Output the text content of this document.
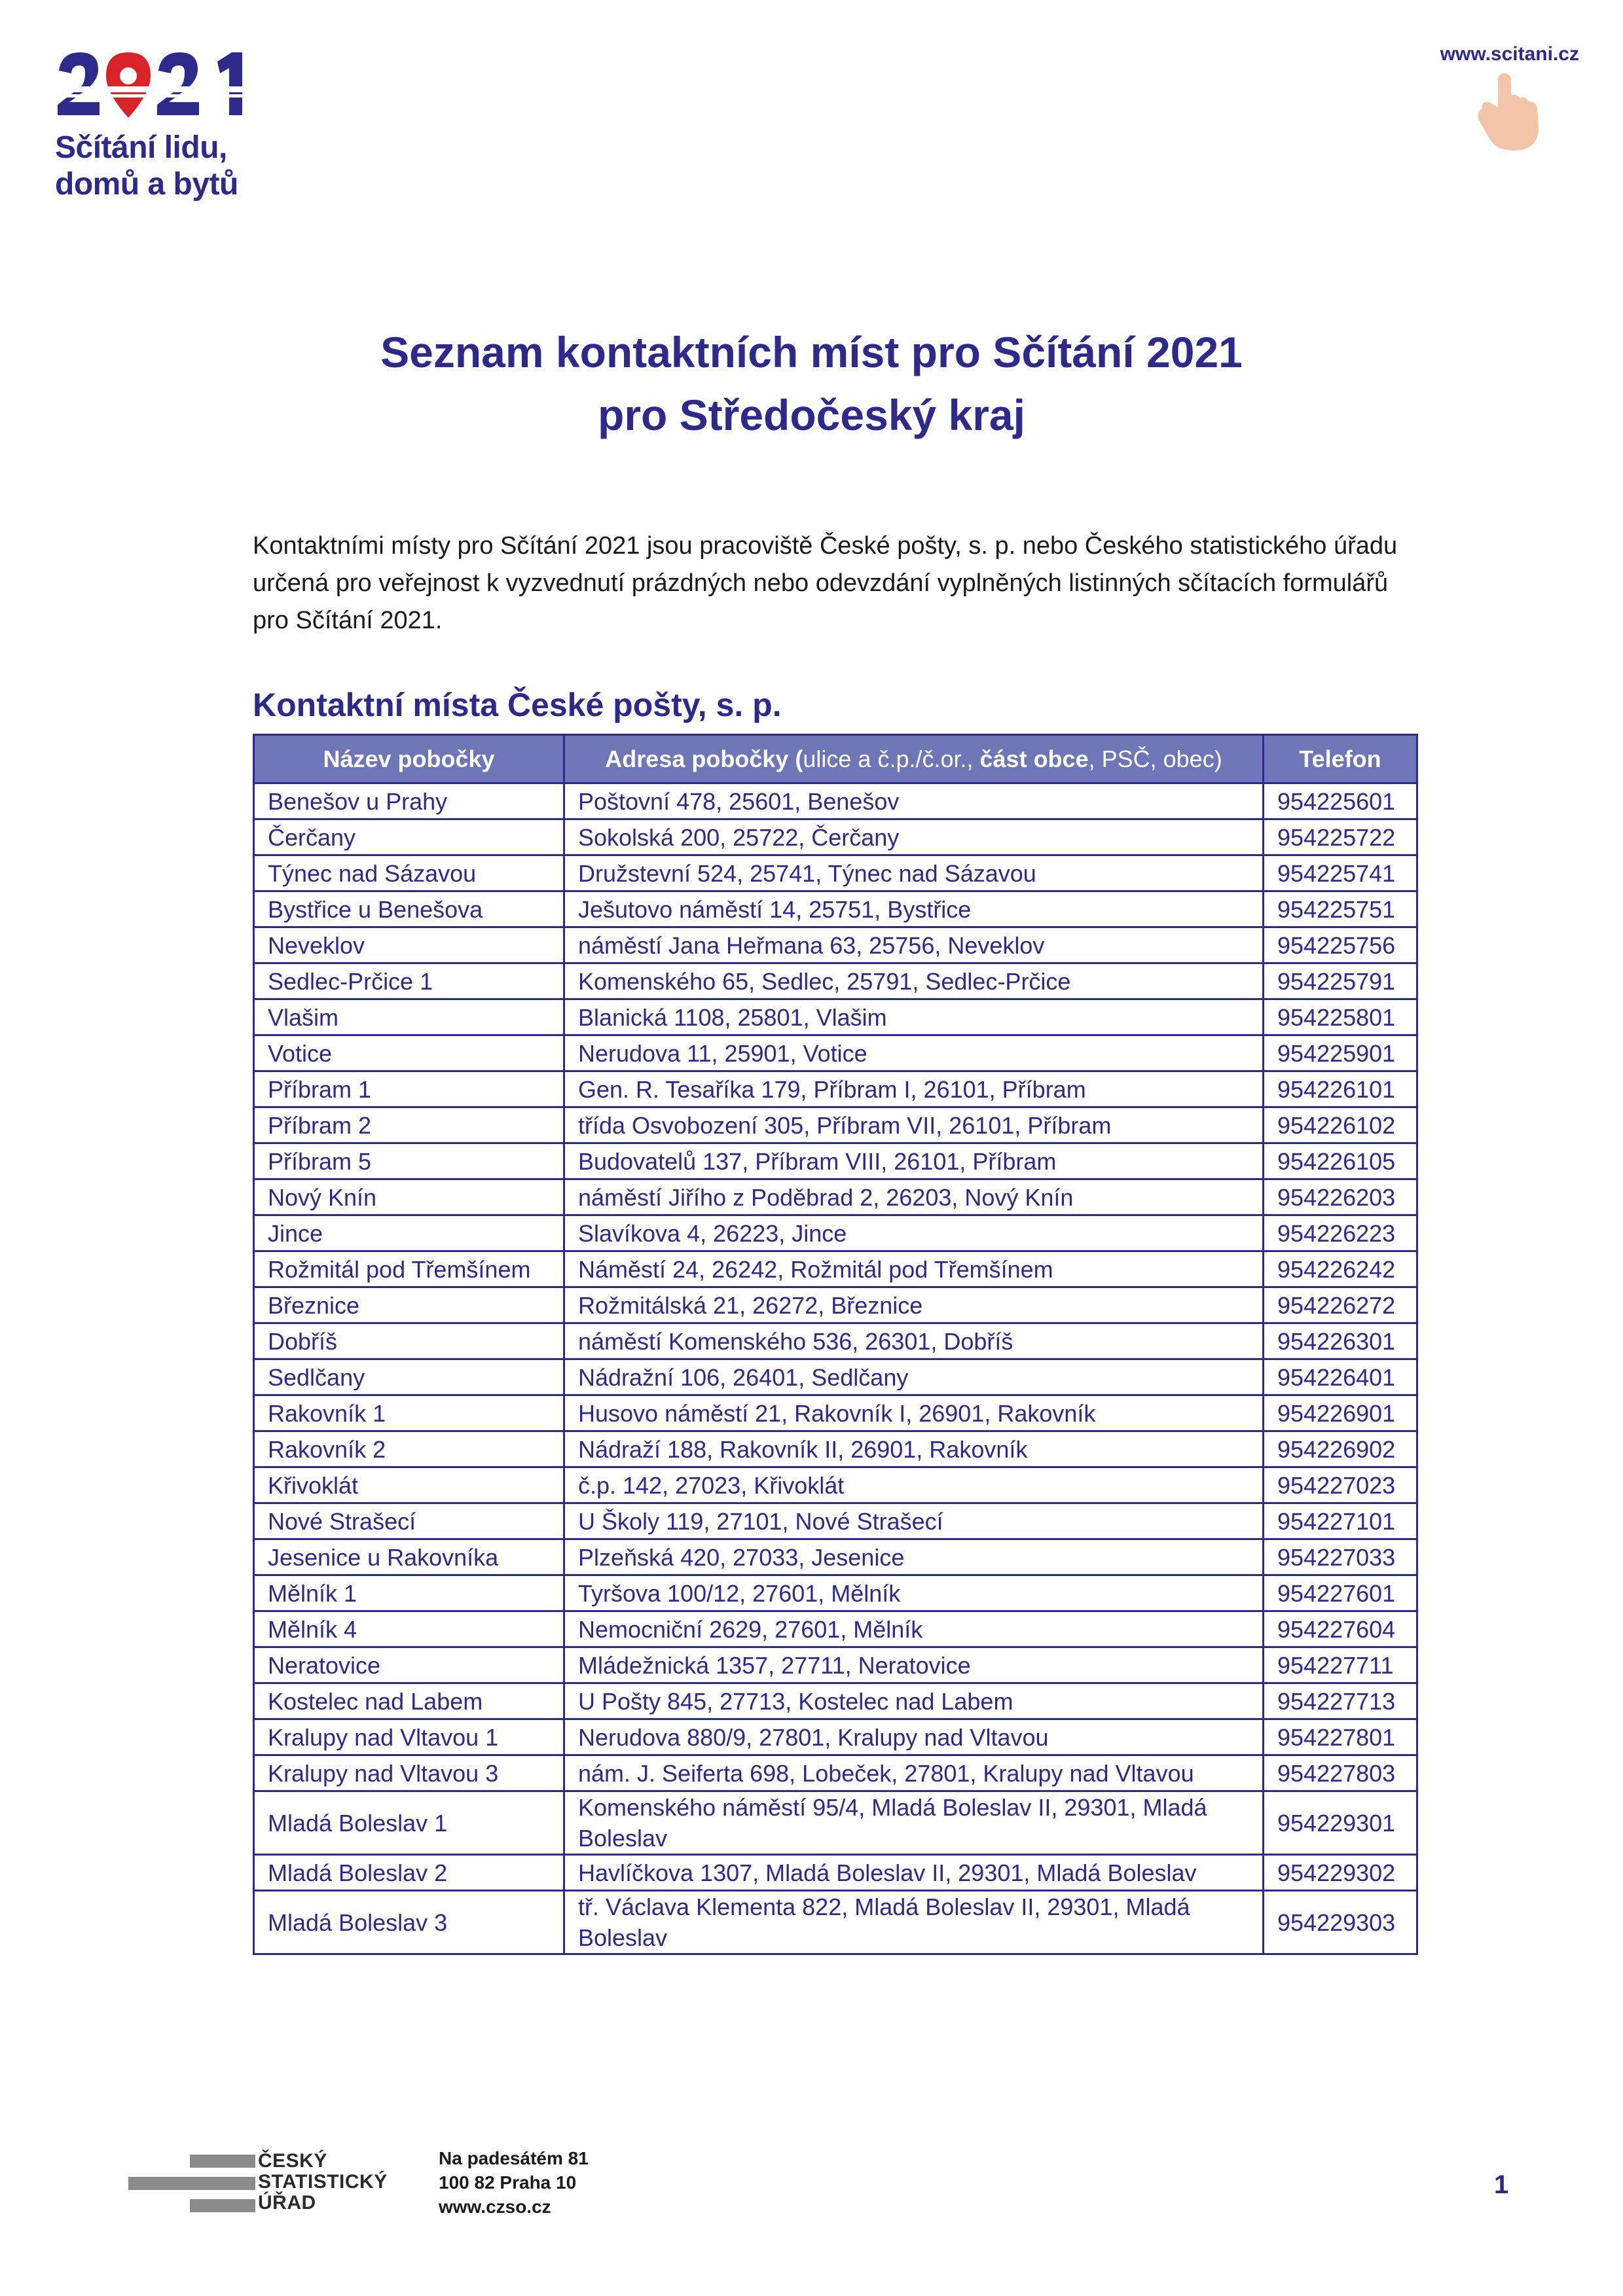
Sčítání lidu,
domů a bytů
www.scitani.cz
Seznam kontaktních míst pro Sčítání 2021
pro Středočeský kraj
Kontaktními místy pro Sčítání 2021 jsou pracoviště České pošty, s. p. nebo Českého statistického úřadu určená pro veřejnost k vyzvednutí prázdných nebo odevzdání vyplněných listinných sčítacích formulářů pro Sčítání 2021.
Kontaktní místa České pošty, s. p.
Název pobočky	Adresa pobočky (ulice a č.p./č.or., část obce, PSČ, obec)	Telefon
Benešov u Prahy	Poštovní 478, 25601, Benešov	954225601
Čerčany	Sokolská 200, 25722, Čerčany	954225722
Týnec nad Sázavou	Družstevní 524, 25741, Týnec nad Sázavou	954225741
Bystřice u Benešova	Ješutovo náměstí 14, 25751, Bystřice	954225751
Neveklov	náměstí Jana Heřmana 63, 25756, Neveklov	954225756
Sedlec-Prčice 1	Komenského 65, Sedlec, 25791, Sedlec-Prčice	954225791
Vlašim	Blanická 1108, 25801, Vlašim	954225801
Votice	Nerudova 11, 25901, Votice	954225901
Příbram 1	Gen. R. Tesaříka 179, Příbram I, 26101, Příbram	954226101
Příbram 2	třída Osvobození 305, Příbram VII, 26101, Příbram	954226102
Příbram 5	Budovatelů 137, Příbram VIII, 26101, Příbram	954226105
Nový Knín	náměstí Jiřího z Poděbrad 2, 26203, Nový Knín	954226203
Jince	Slavíkova 4, 26223, Jince	954226223
Rožmitál pod Třemšínem	Náměstí 24, 26242, Rožmitál pod Třemšínem	954226242
Březnice	Rožmitálská 21, 26272, Březnice	954226272
Dobříš	náměstí Komenského 536, 26301, Dobříš	954226301
Sedlčany	Nádražní 106, 26401, Sedlčany	954226401
Rakovník 1	Husovo náměstí 21, Rakovník I, 26901, Rakovník	954226901
Rakovník 2	Nádraží 188, Rakovník II, 26901, Rakovník	954226902
Křivoklát	č.p. 142, 27023, Křivoklát	954227023
Nové Strašecí	U Školy 119, 27101, Nové Strašecí	954227101
Jesenice u Rakovníka	Plzeňská 420, 27033, Jesenice	954227033
Mělník 1	Tyršova 100/12, 27601, Mělník	954227601
Mělník 4	Nemocniční 2629, 27601, Mělník	954227604
Neratovice	Mládežnická 1357, 27711, Neratovice	954227711
Kostelec nad Labem	U Pošty 845, 27713, Kostelec nad Labem	954227713
Kralupy nad Vltavou 1	Nerudova 880/9, 27801, Kralupy nad Vltavou	954227801
Kralupy nad Vltavou 3	nám. J. Seiferta 698, Lobeček, 27801, Kralupy nad Vltavou	954227803
Mladá Boleslav 1	Komenského náměstí 95/4, Mladá Boleslav II, 29301, Mladá Boleslav	954229301
Mladá Boleslav 2	Havlíčkova 1307, Mladá Boleslav II, 29301, Mladá Boleslav	954229302
Mladá Boleslav 3	tř. Václava Klementa 822, Mladá Boleslav II, 29301, Mladá Boleslav	954229303
ČESKÝ
STATISTICKÝ
ÚŘAD
Na padesátém 81
100 82 Praha 10
www.czso.cz
1
